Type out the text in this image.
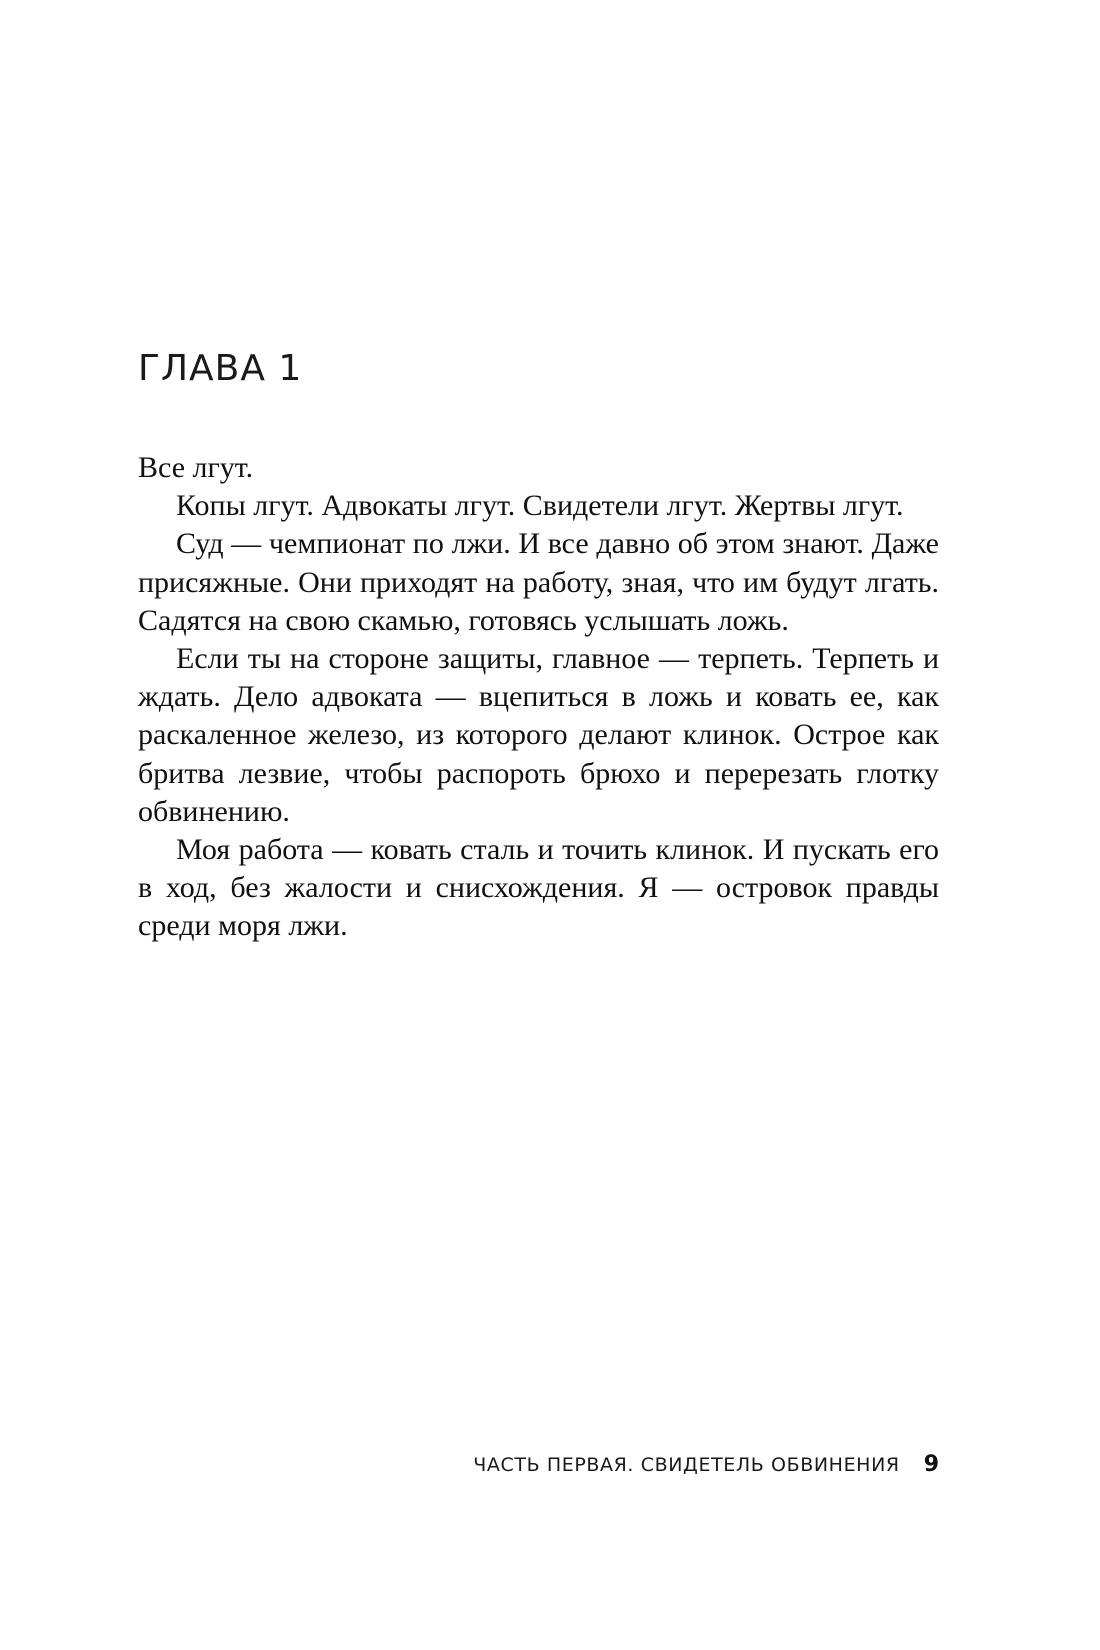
ГЛАВА 1

Все лгут.

Копы лгут. Адвокаты лгут. Свидетели лгут. Жертвы лгут.

Суд — чемпионат по лжи. И все давно об этом знают. Даже присяжные. Они приходят на работу, зная, что им будут лгать. Садятся на свою скамью, готовясь услышать ложь.

Если ты на стороне защиты, главное — терпеть. Терпеть и ждать. Дело адвоката — вцепиться в ложь и ковать ее, как раскаленное железо, из которого делают клинок. Острое как бритва лезвие, чтобы распороть брюхо и перерезать глотку обвинению.

Моя работа — ковать сталь и точить клинок. И пускать его в ход, без жалости и снисхождения. Я — островок правды среди моря лжи.

ЧАСТЬ ПЕРВАЯ. СВИДЕТЕЛЬ ОБВИНЕНИЯ 9
